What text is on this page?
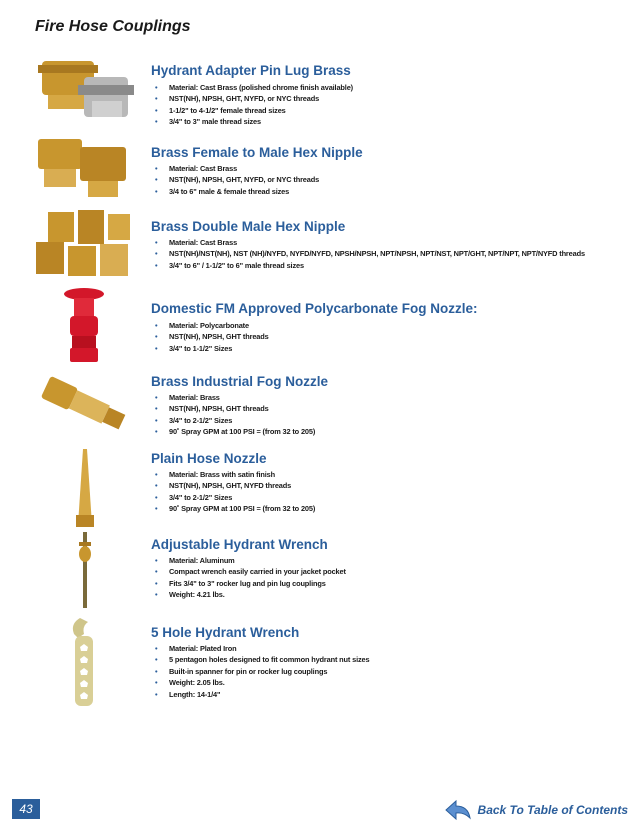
Fire Hose Couplings
Hydrant Adapter Pin Lug Brass
• Material: Cast Brass (polished chrome finish available)
• NST(NH), NPSH, GHT, NYFD, or NYC threads
• 1-1/2" to 4-1/2" female thread sizes
• 3/4" to 3" male thread sizes
Brass Female to Male Hex Nipple
• Material: Cast Brass
• NST(NH), NPSH, GHT, NYFD, or NYC threads
• 3/4 to 6" male & female thread sizes
Brass Double Male Hex Nipple
• Material: Cast Brass
• NST(NH)/NST(NH), NST (NH)/NYFD, NYFD/NYFD, NPSH/NPSH, NPT/NPSH, NPT/NST, NPT/GHT, NPT/NPT, NPT/NYFD threads
• 3/4" to 6" / 1-1/2" to 6" male thread sizes
Domestic FM Approved Polycarbonate Fog Nozzle:
• Material: Polycarbonate
• NST(NH), NPSH, GHT threads
• 3/4" to 1-1/2" Sizes
Brass Industrial Fog Nozzle
• Material: Brass
• NST(NH), NPSH, GHT threads
• 3/4" to 2-1/2" Sizes
• 90˚ Spray GPM at 100 PSI = (from 32 to 205)
Plain Hose Nozzle
• Material: Brass with satin finish
• NST(NH), NPSH, GHT, NYFD threads
• 3/4" to 2-1/2" Sizes
• 90˚ Spray GPM at 100 PSI = (from 32 to 205)
Adjustable Hydrant Wrench
• Material: Aluminum
• Compact wrench easily carried in your jacket pocket
• Fits 3/4" to 3" rocker lug and pin lug couplings
• Weight: 4.21 lbs.
5 Hole Hydrant Wrench
• Material: Plated Iron
• 5 pentagon holes designed to fit common hydrant nut sizes
• Built-in spanner for pin or rocker lug couplings
• Weight: 2.05 lbs.
• Length: 14-1/4"
43	Back To Table of Contents
